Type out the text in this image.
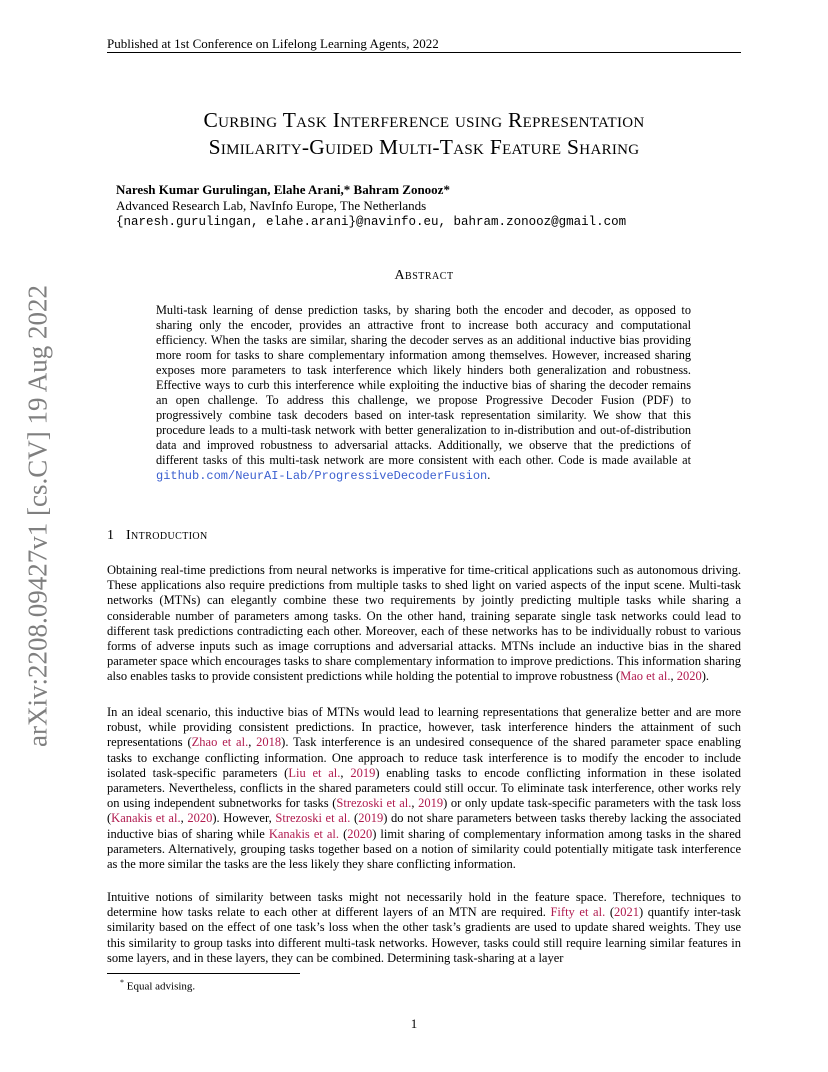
Published at 1st Conference on Lifelong Learning Agents, 2022
arXiv:2208.09427v1 [cs.CV] 19 Aug 2022
Curbing Task Interference using Representation
Similarity-Guided Multi-Task Feature Sharing
Naresh Kumar Gurulingan, Elahe Arani,* Bahram Zonooz*
Advanced Research Lab, NavInfo Europe, The Netherlands
{naresh.gurulingan, elahe.arani}@navinfo.eu, bahram.zonooz@gmail.com
Abstract
Multi-task learning of dense prediction tasks, by sharing both the encoder and decoder, as opposed to sharing only the encoder, provides an attractive front to increase both accuracy and computational efficiency. When the tasks are similar, sharing the decoder serves as an additional inductive bias providing more room for tasks to share complementary information among themselves. However, increased sharing exposes more parameters to task interference which likely hinders both generalization and robustness. Effective ways to curb this interference while exploiting the inductive bias of sharing the decoder remains an open challenge. To address this challenge, we propose Progressive Decoder Fusion (PDF) to progressively combine task decoders based on inter-task representation similarity. We show that this procedure leads to a multi-task network with better generalization to in-distribution and out-of-distribution data and improved robustness to adversarial attacks. Additionally, we observe that the predictions of different tasks of this multi-task network are more consistent with each other. Code is made available at github.com/NeurAI-Lab/ProgressiveDecoderFusion.
1 Introduction
Obtaining real-time predictions from neural networks is imperative for time-critical applications such as autonomous driving. These applications also require predictions from multiple tasks to shed light on varied aspects of the input scene. Multi-task networks (MTNs) can elegantly combine these two requirements by jointly predicting multiple tasks while sharing a considerable number of parameters among tasks. On the other hand, training separate single task networks could lead to different task predictions contradicting each other. Moreover, each of these networks has to be individually robust to various forms of adverse inputs such as image corruptions and adversarial attacks. MTNs include an inductive bias in the shared parameter space which encourages tasks to share complementary information to improve predictions. This information sharing also enables tasks to provide consistent predictions while holding the potential to improve robustness (Mao et al., 2020).
In an ideal scenario, this inductive bias of MTNs would lead to learning representations that generalize better and are more robust, while providing consistent predictions. In practice, however, task interference hinders the attainment of such representations (Zhao et al., 2018). Task interference is an undesired consequence of the shared parameter space enabling tasks to exchange conflicting information. One approach to reduce task interference is to modify the encoder to include isolated task-specific parameters (Liu et al., 2019) enabling tasks to encode conflicting information in these isolated parameters. Nevertheless, conflicts in the shared parameters could still occur. To eliminate task interference, other works rely on using independent subnetworks for tasks (Strezoski et al., 2019) or only update task-specific parameters with the task loss (Kanakis et al., 2020). However, Strezoski et al. (2019) do not share parameters between tasks thereby lacking the associated inductive bias of sharing while Kanakis et al. (2020) limit sharing of complementary information among tasks in the shared parameters. Alternatively, grouping tasks together based on a notion of similarity could potentially mitigate task interference as the more similar the tasks are the less likely they share conflicting information.
Intuitive notions of similarity between tasks might not necessarily hold in the feature space. Therefore, techniques to determine how tasks relate to each other at different layers of an MTN are required. Fifty et al. (2021) quantify inter-task similarity based on the effect of one task’s loss when the other task’s gradients are used to update shared weights. They use this similarity to group tasks into different multi-task networks. However, tasks could still require learning similar features in some layers, and in these layers, they can be combined. Determining task-sharing at a layer
* Equal advising.
1
